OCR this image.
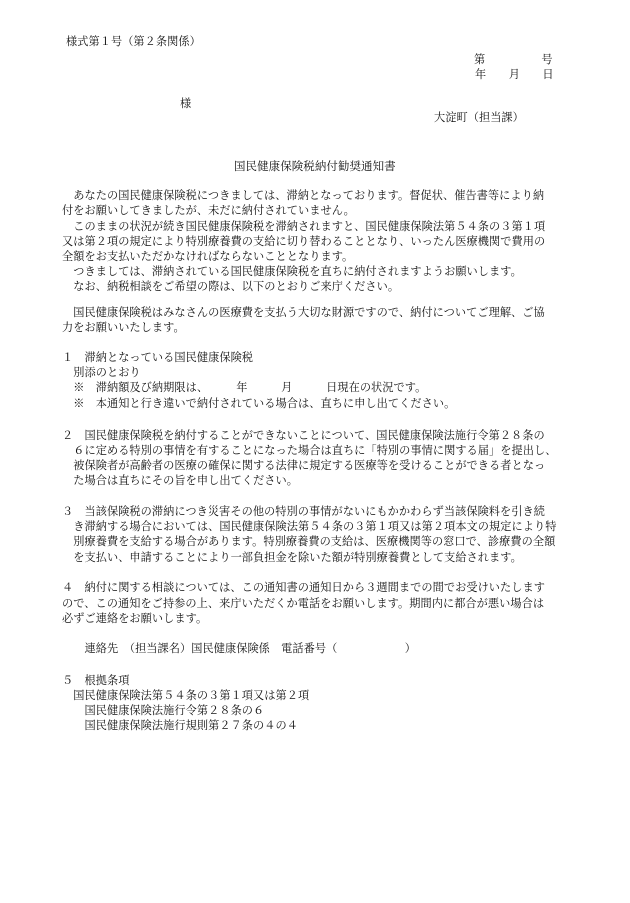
様式第１号（第２条関係）
第　　　　　号
年　　月　　日
様
大淀町（担当課）
国民健康保険税納付勧奨通知書
　あなたの国民健康保険税につきましては、滞納となっております。督促状、催告書等により納
付をお願いしてきましたが、未だに納付されていません。
　このままの状況が続き国民健康保険税を滞納されますと、国民健康保険法第５４条の３第１項
又は第２項の規定により特別療養費の支給に切り替わることとなり、いったん医療機関で費用の
全額をお支払いただかなければならないこととなります。
　つきましては、滞納されている国民健康保険税を直ちに納付されますようお願いします。
　なお、納税相談をご希望の際は、以下のとおりご来庁ください。
　国民健康保険税はみなさんの医療費を支払う大切な財源ですので、納付についてご理解、ご協
力をお願いいたします。
１　滞納となっている国民健康保険税
　別添のとおり
　※　滞納額及び納期限は、　　　年　　　月　　　日現在の状況です。
　※　本通知と行き違いで納付されている場合は、直ちに申し出てください。
２　国民健康保険税を納付することができないことについて、国民健康保険法施行令第２８条の
　６に定める特別の事情を有することになった場合は直ちに「特別の事情に関する届」を提出し、
　被保険者が高齢者の医療の確保に関する法律に規定する医療等を受けることができる者となっ
　た場合は直ちにその旨を申し出てください。
３　当該保険税の滞納につき災害その他の特別の事情がないにもかかわらず当該保険料を引き続
　き滞納する場合においては、国民健康保険法第５４条の３第１項又は第２項本文の規定により特
　別療養費を支給する場合があります。特別療養費の支給は、医療機関等の窓口で、診療費の全額
　を支払い、申請することにより一部負担金を除いた額が特別療養費として支給されます。
４　納付に関する相談については、この通知書の通知日から３週間までの間でお受けいたします
ので、この通知をご持参の上、来庁いただくか電話をお願いします。期間内に都合が悪い場合は
必ずご連絡をお願いします。
　　連絡先　（担当課名）国民健康保険係　電話番号（　　　　　　）
５　根拠条項
　国民健康保険法第５４条の３第１項又は第２項
　　国民健康保険法施行令第２８条の６
　　国民健康保険法施行規則第２７条の４の４
